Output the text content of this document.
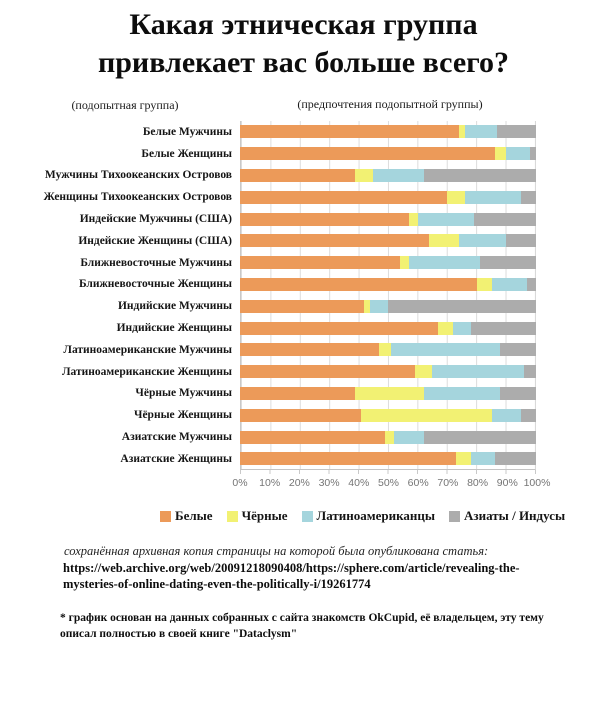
Какая этническая группа
привлекает вас больше всего?
(подопытная группа)	(предпочтения подопытной группы)
Белые Мужчины
Белые Женщины
Мужчины Тихоокеанских Островов
Женщины Тихоокеанских Островов
Индейские Мужчины (США)
Индейские Женщины (США)
Ближневосточные Мужчины
Ближневосточные Женщины
Индийские Мужчины
Индийские Женщины
Латиноамериканские Мужчины
Латиноамериканские Женщины
Чёрные Мужчины
Чёрные Женщины
Азиатские Мужчины
Азиатские Женщины
0% 10% 20% 30% 40% 50% 60% 70% 80% 90% 100%
Белые Чёрные Латиноамериканцы Азиаты / Индусы
сохранённая архивная копия страницы на которой была опубликована статья:
https://web.archive.org/web/20091218090408/https://sphere.com/article/revealing-the-mysteries-of-online-dating-even-the-politically-i/19261774
* график основан на данных собранных с сайта знакомств OkCupid, её владельцем, эту тему описал полностью в своей книге "Dataclysm"
